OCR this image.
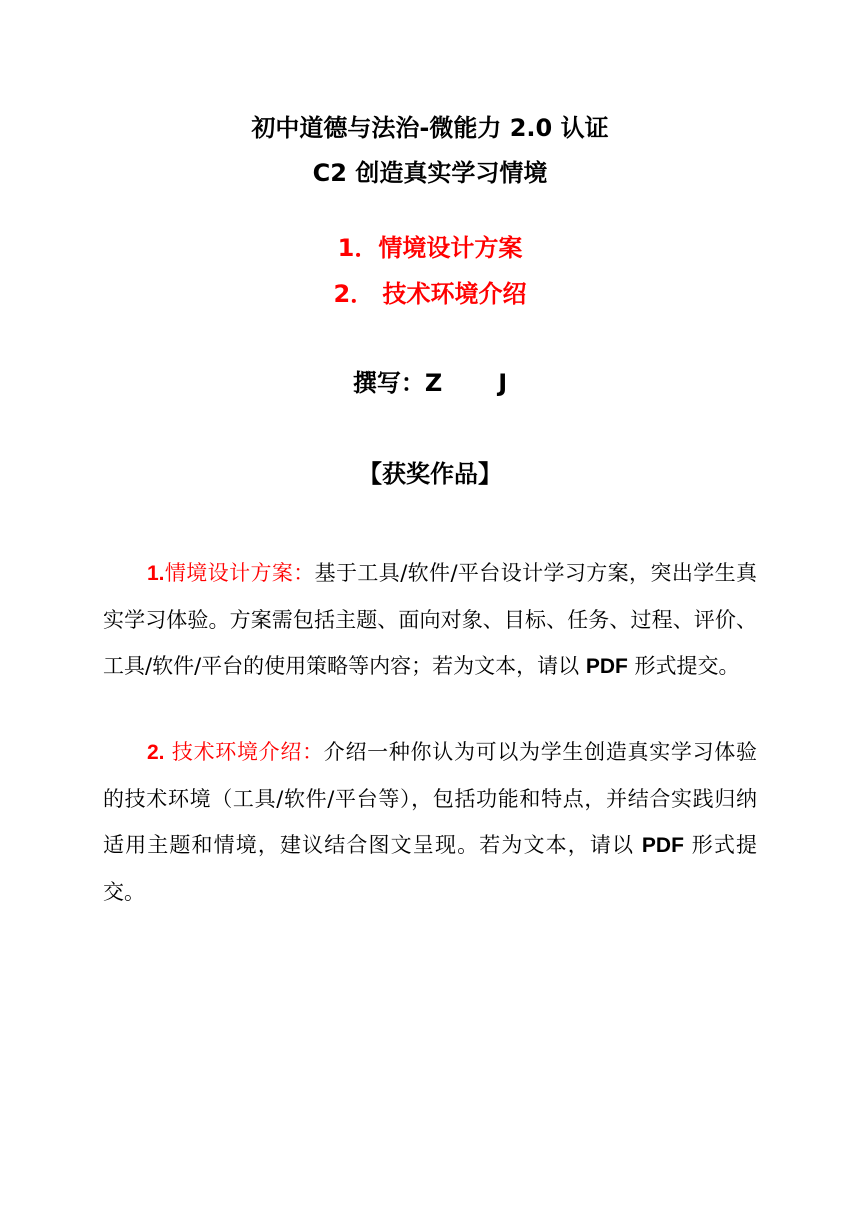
初中道德与法治-微能力 2.0 认证
C2 创造真实学习情境
1．情境设计方案
2． 技术环境介绍
撰写：Z J
【获奖作品】

1.情境设计方案：基于工具/软件/平台设计学习方案，突出学生真实学习体验。方案需包括主题、面向对象、目标、任务、过程、评价、工具/软件/平台的使用策略等内容；若为文本，请以 PDF 形式提交。

2. 技术环境介绍：介绍一种你认为可以为学生创造真实学习体验的技术环境（工具/软件/平台等），包括功能和特点，并结合实践归纳适用主题和情境，建议结合图文呈现。若为文本，请以 PDF 形式提交。
